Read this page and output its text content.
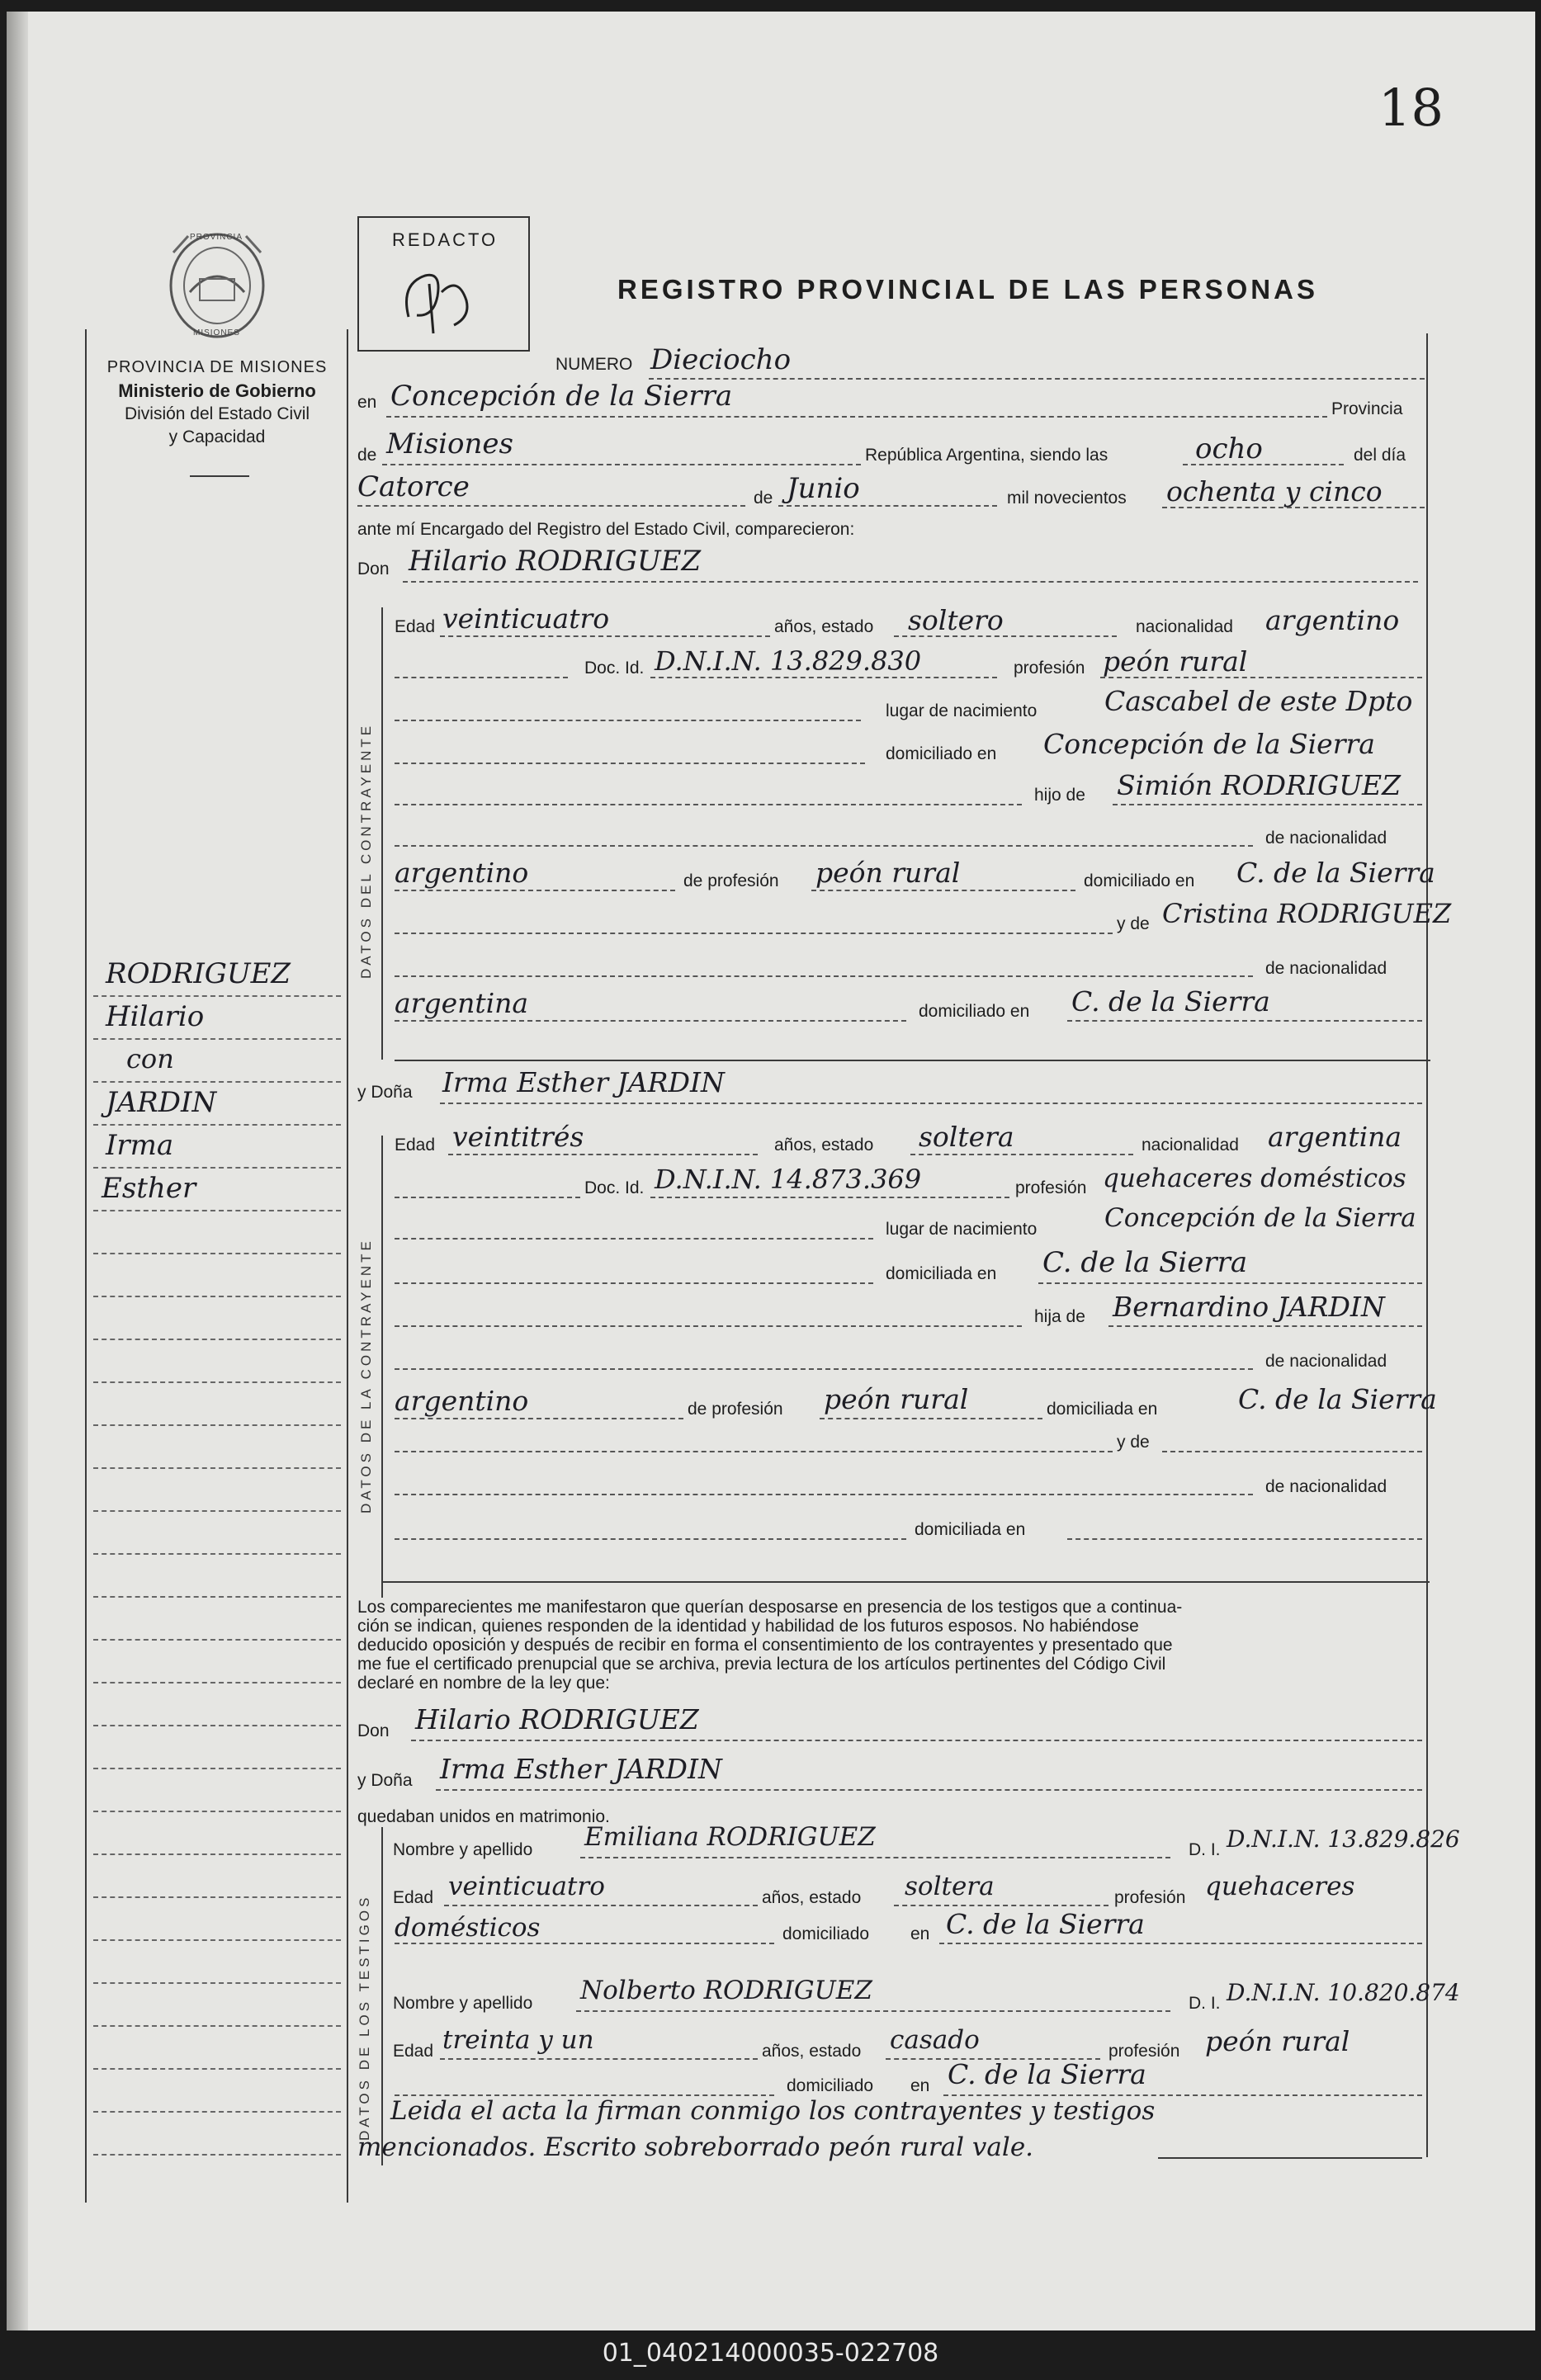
18
PROVINCIA
MISIONES
PROVINCIA DE MISIONES
Ministerio de Gobierno
División del Estado Civil
y Capacidad
REDACTO
REGISTRO PROVINCIAL DE LAS PERSONAS
RODRIGUEZ
Hilario
con
JARDIN
Irma
Esther
NUMERO Dieciocho
en Concepción de la Sierra	Provincia
de Misiones	República Argentina, siendo las	ocho	del día
Catorce	de Junio	mil novecientos ochenta y cinco
ante mí Encargado del Registro del Estado Civil, comparecieron:
Don Hilario RODRIGUEZ
DATOS DEL CONTRAYENTE
Edad veinticuatro	años, estado soltero	nacionalidad argentino
Doc. Id. D.N.I.N. 13.829.830	profesión peón rural
lugar de nacimiento Cascabel de este Dpto
domiciliado en Concepción de la Sierra
hijo de Simión RODRIGUEZ
de nacionalidad
argentino	de profesión peón rural	domiciliado en C. de la Sierra
y de Cristina RODRIGUEZ
de nacionalidad
argentina	domiciliado en C. de la Sierra
y Doña Irma Esther JARDIN
DATOS DE LA CONTRAYENTE
Edad veintitrés	años, estado soltera	nacionalidad argentina
Doc. Id. D.N.I.N. 14.873.369	profesión quehaceres domésticos
lugar de nacimiento	Concepción de la Sierra
domiciliada en C. de la Sierra
hija de Bernardino JARDIN
de nacionalidad
argentino	de profesión peón rural	domiciliada en	C. de la Sierra
y de
de nacionalidad
domiciliada en
Los comparecientes me manifestaron que querían desposarse en presencia de los testigos que a continua-
ción se indican, quienes responden de la identidad y habilidad de los futuros esposos. No habiéndose
deducido oposición y después de recibir en forma el consentimiento de los contrayentes y presentado que
me fue el certificado prenupcial que se archiva, previa lectura de los artículos pertinentes del Código Civil
declaré en nombre de la ley que:
Don Hilario RODRIGUEZ
y Doña Irma Esther JARDIN
quedaban unidos en matrimonio.
DATOS DE LOS TESTIGOS
Nombre y apellido Emiliana RODRIGUEZ	D. I. D.N.I.N. 13.829.826
Edad veinticuatro	años, estado soltera	profesión quehaceres
domésticos	domiciliado en C. de la Sierra
Nombre y apellido Nolberto RODRIGUEZ	D. I. D.N.I.N. 10.820.874
Edad treinta y un	años, estado casado	profesión peón rural
domiciliado en C. de la Sierra
Leida el acta la firman conmigo los contrayentes y testigos
mencionados. Escrito sobreborrado peón rural vale.
01_040214000035-022708
